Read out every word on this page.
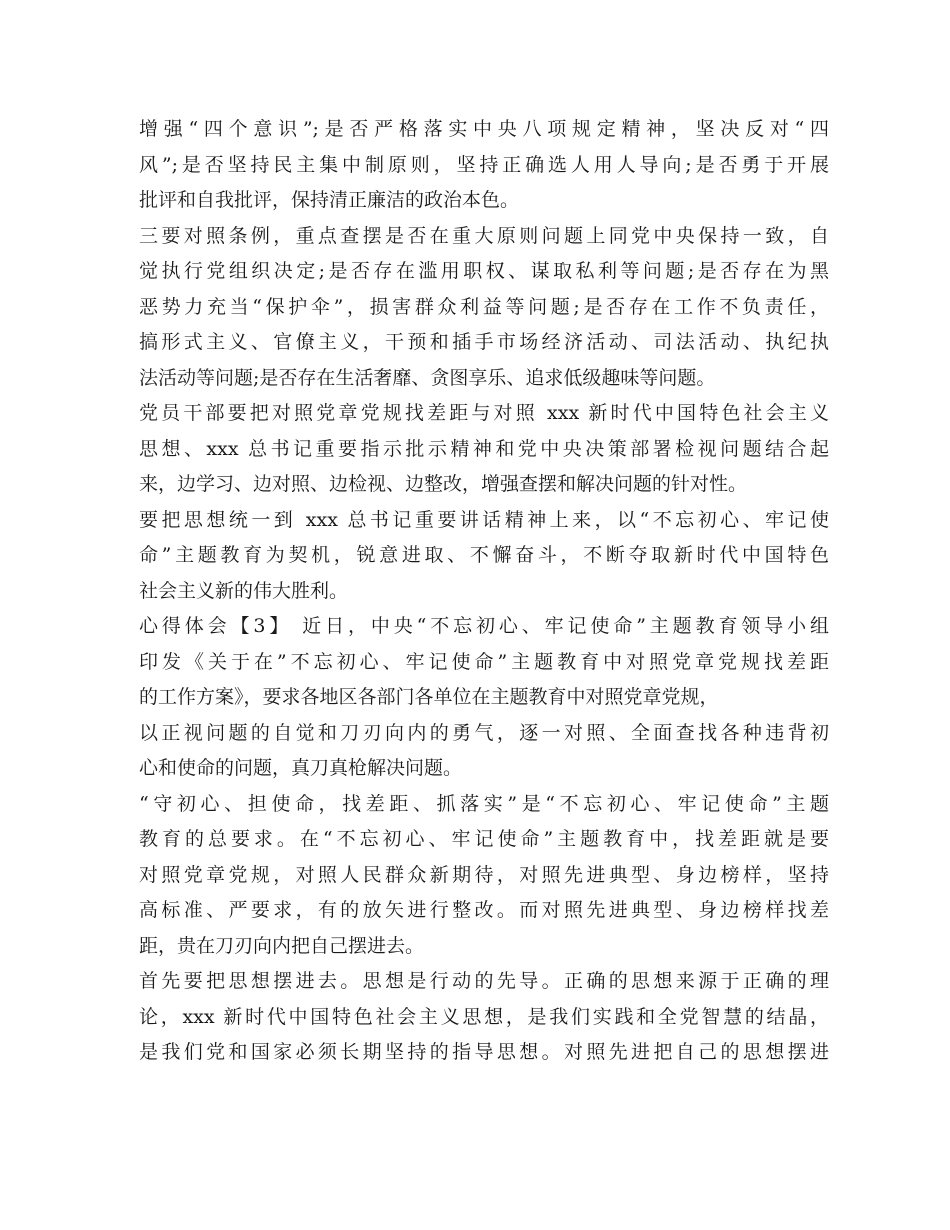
增强“四个意识”;是否严格落实中央八项规定精神，坚决反对“四
风”;是否坚持民主集中制原则，坚持正确选人用人导向;是否勇于开展
批评和自我批评，保持清正廉洁的政治本色。
三要对照条例，重点查摆是否在重大原则问题上同党中央保持一致，自
觉执行党组织决定;是否存在滥用职权、谋取私利等问题;是否存在为黑
恶势力充当“保护伞”，损害群众利益等问题;是否存在工作不负责任，
搞形式主义、官僚主义，干预和插手市场经济活动、司法活动、执纪执
法活动等问题;是否存在生活奢靡、贪图享乐、追求低级趣味等问题。
党员干部要把对照党章党规找差距与对照 xxx 新时代中国特色社会主义
思想、xxx 总书记重要指示批示精神和党中央决策部署检视问题结合起
来，边学习、边对照、边检视、边整改，增强查摆和解决问题的针对性。
要把思想统一到 xxx 总书记重要讲话精神上来，以“不忘初心、牢记使
命”主题教育为契机，锐意进取、不懈奋斗，不断夺取新时代中国特色
社会主义新的伟大胜利。
心得体会【3】 近日，中央“不忘初心、牢记使命”主题教育领导小组
印发《关于在”不忘初心、牢记使命”主题教育中对照党章党规找差距
的工作方案》，要求各地区各部门各单位在主题教育中对照党章党规，
以正视问题的自觉和刀刃向内的勇气，逐一对照、全面查找各种违背初
心和使命的问题，真刀真枪解决问题。
“守初心、担使命，找差距、抓落实”是“不忘初心、牢记使命”主题
教育的总要求。在“不忘初心、牢记使命”主题教育中，找差距就是要
对照党章党规，对照人民群众新期待，对照先进典型、身边榜样，坚持
高标准、严要求，有的放矢进行整改。而对照先进典型、身边榜样找差
距，贵在刀刃向内把自己摆进去。
首先要把思想摆进去。思想是行动的先导。正确的思想来源于正确的理
论，xxx 新时代中国特色社会主义思想，是我们实践和全党智慧的结晶，
是我们党和国家必须长期坚持的指导思想。对照先进把自己的思想摆进
